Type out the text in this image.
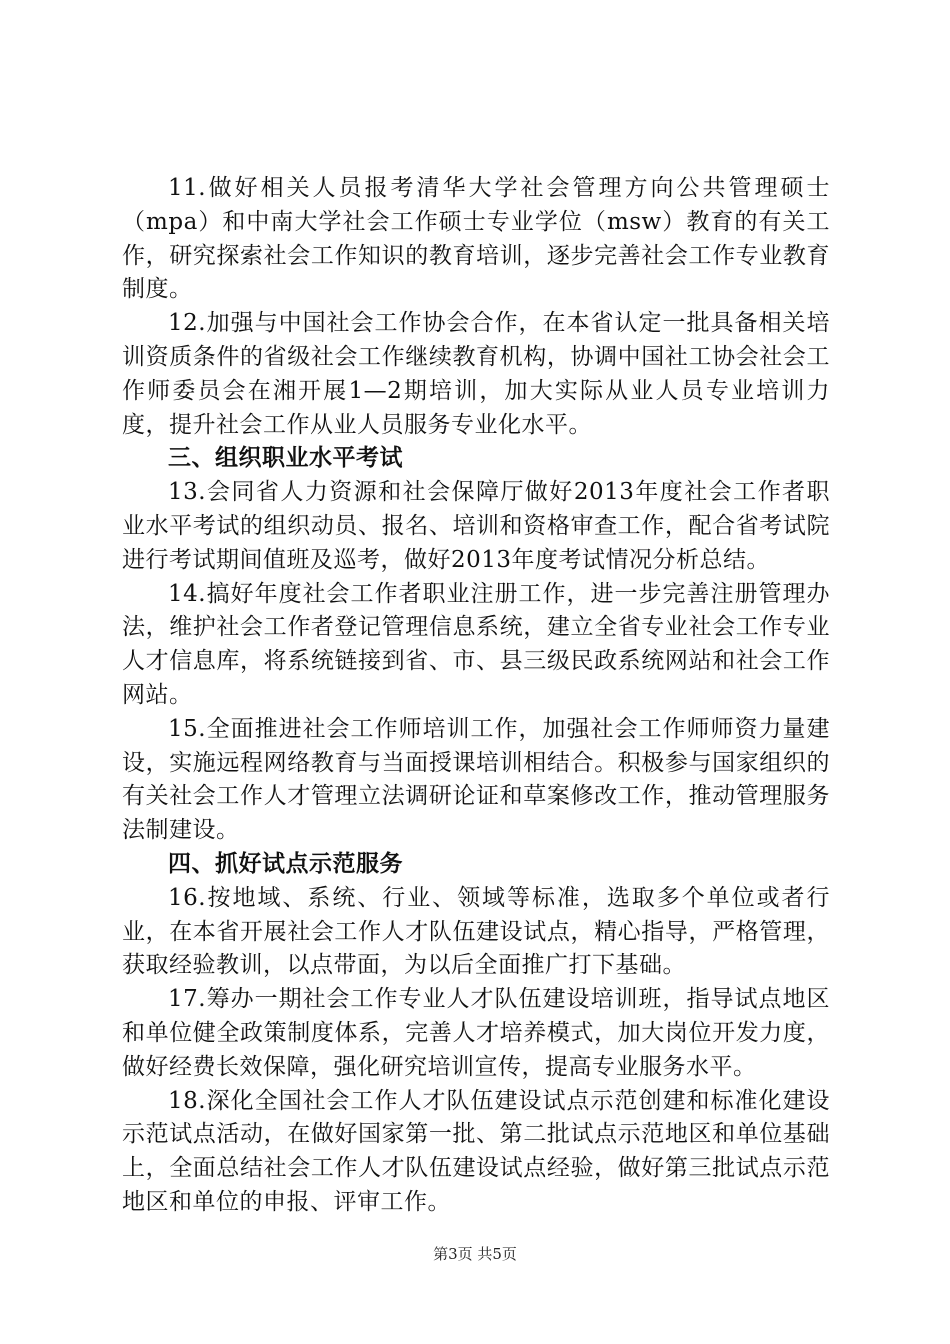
11.做好相关人员报考清华大学社会管理方向公共管理硕士（mpa）和中南大学社会工作硕士专业学位（msw）教育的有关工作，研究探索社会工作知识的教育培训，逐步完善社会工作专业教育制度。

12.加强与中国社会工作协会合作，在本省认定一批具备相关培训资质条件的省级社会工作继续教育机构，协调中国社工协会社会工作师委员会在湘开展1—2期培训，加大实际从业人员专业培训力度，提升社会工作从业人员服务专业化水平。

三、组织职业水平考试

13.会同省人力资源和社会保障厅做好2013年度社会工作者职业水平考试的组织动员、报名、培训和资格审查工作，配合省考试院进行考试期间值班及巡考，做好2013年度考试情况分析总结。

14.搞好年度社会工作者职业注册工作，进一步完善注册管理办法，维护社会工作者登记管理信息系统，建立全省专业社会工作专业人才信息库，将系统链接到省、市、县三级民政系统网站和社会工作网站。

15.全面推进社会工作师培训工作，加强社会工作师师资力量建设，实施远程网络教育与当面授课培训相结合。积极参与国家组织的有关社会工作人才管理立法调研论证和草案修改工作，推动管理服务法制建设。

四、抓好试点示范服务

16.按地域、系统、行业、领域等标准，选取多个单位或者行业，在本省开展社会工作人才队伍建设试点，精心指导，严格管理，获取经验教训，以点带面，为以后全面推广打下基础。

17.筹办一期社会工作专业人才队伍建设培训班，指导试点地区和单位健全政策制度体系，完善人才培养模式，加大岗位开发力度，做好经费长效保障，强化研究培训宣传，提高专业服务水平。

18.深化全国社会工作人才队伍建设试点示范创建和标准化建设示范试点活动，在做好国家第一批、第二批试点示范地区和单位基础上，全面总结社会工作人才队伍建设试点经验，做好第三批试点示范地区和单位的申报、评审工作。

第3页 共5页
